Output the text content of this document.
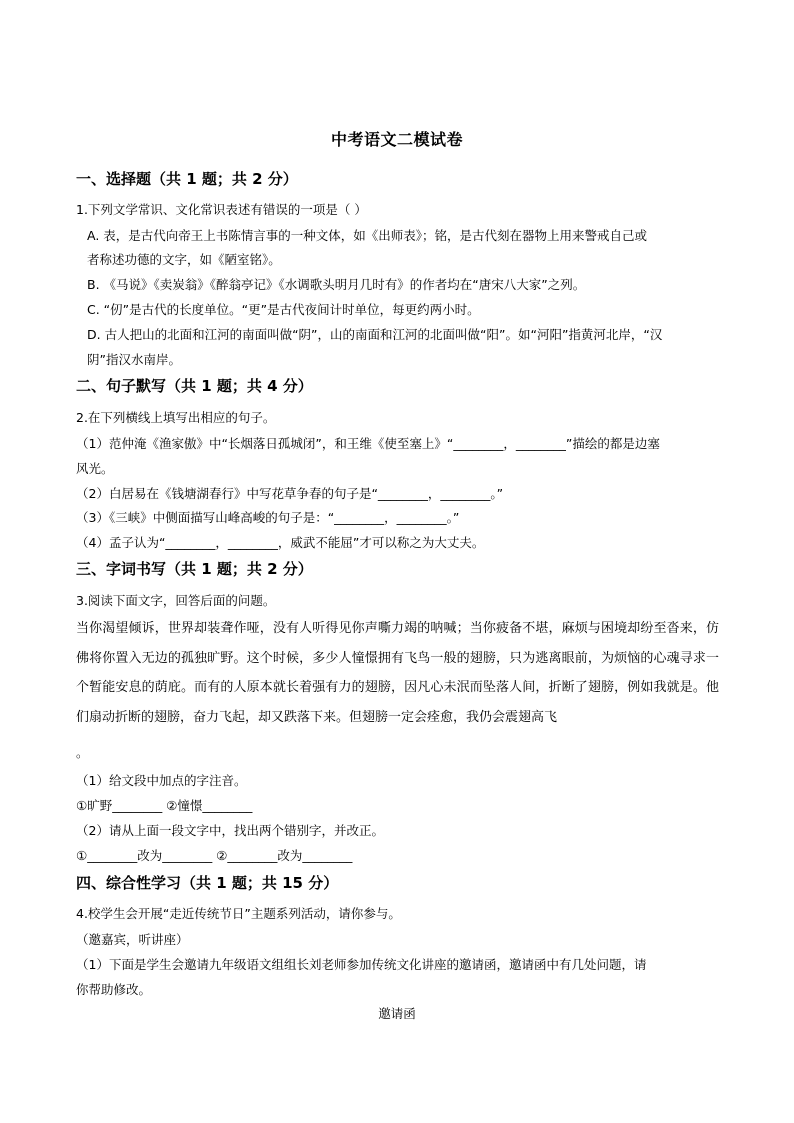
中考语文二模试卷
一、选择题（共 1 题；共 2 分）
1.下列文学常识、文化常识表述有错误的一项是（ ）
A. 表，是古代向帝王上书陈情言事的一种文体，如《出师表》；铭，是古代刻在器物上用来警戒自己或
者称述功德的文字，如《陋室铭》。
B. 《马说》《卖炭翁》《醉翁亭记》《水调歌头明月几时有》的作者均在“唐宋八大家”之列。
C. “仞”是古代的长度单位。“更”是古代夜间计时单位，每更约两小时。
D. 古人把山的北面和江河的南面叫做“阴”，山的南面和江河的北面叫做“阳”。如“河阳”指黄河北岸，“汉
阴”指汉水南岸。
二、句子默写（共 1 题；共 4 分）
2.在下列横线上填写出相应的句子。
（1）范仲淹《渔家傲》中“长烟落日孤城闭”，和王维《使至塞上》“________，________”描绘的都是边塞
风光。
（2）白居易在《钱塘湖春行》中写花草争春的句子是“________，________。”
（3）《三峡》中侧面描写山峰高峻的句子是：“________，________。”
（4）孟子认为“________，________，威武不能屈”才可以称之为大丈夫。
三、字词书写（共 1 题；共 2 分）
3.阅读下面文字，回答后面的问题。
当你渴望倾诉，世界却装聋作哑，没有人听得见你声嘶力竭的呐喊；当你疲备不堪，麻烦与困境却纷至沓来，仿佛将你置入无边的孤独旷野。这个时候，多少人憧憬拥有飞鸟一般的翅膀，只为逃离眼前，为烦恼的心魂寻求一个暂能安息的荫庇。而有的人原本就长着强有力的翅膀，因凡心未泯而坠落人间，折断了翅膀，例如我就是。他们扇动折断的翅膀，奋力飞起，却又跌落下来。但翅膀一定会痊愈，我仍会震翅高飞
。
（1）给文段中加点的字注音。
①旷野________ ②憧憬________
（2）请从上面一段文字中，找出两个错别字，并改正。
①________改为________ ②________改为________
四、综合性学习（共 1 题；共 15 分）
4.校学生会开展“走近传统节日”主题系列活动，请你参与。
（邀嘉宾，听讲座）
（1）下面是学生会邀请九年级语文组组长刘老师参加传统文化讲座的邀请函，邀请函中有几处问题，请
你帮助修改。
邀请函
